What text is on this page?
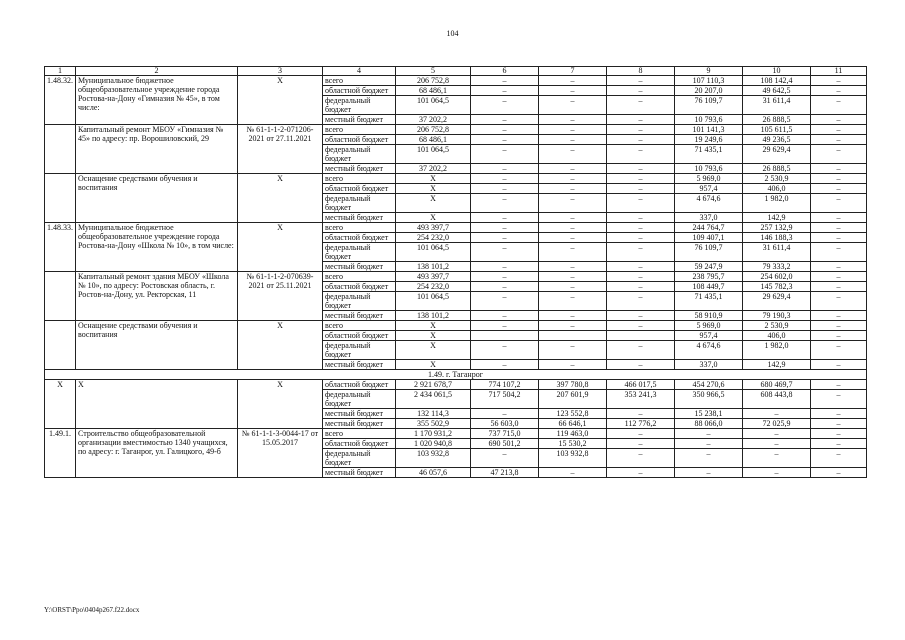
104
1	2	3	4	5	6	7	8	9	10	11
1.48.32.	Муниципальное бюджетное общеобразовательное учреждение города Ростова-на-Дону «Гимназия № 45», в том числе:	Х	всего	206 752,8	–	–	–	107 110,3	108 142,4	–
			областной бюджет	68 486,1	–	–	–	20 207,0	49 642,5	–
			федеральный бюджет	101 064,5	–	–	–	76 109,7	31 611,4	–
			местный бюджет	37 202,2	–	–	–	10 793,6	26 888,5	–
	Капитальный ремонт МБОУ «Гимназия № 45» по адресу: пр. Ворошиловский, 29	№ 61-1-1-2-071206-2021 от 27.11.2021	всего	206 752,8	–	–	–	101 141,3	105 611,5	–
			областной бюджет	68 486,1	–	–	–	19 249,6	49 236,5	–
			федеральный бюджет	101 064,5	–	–	–	71 435,1	29 629,4	–
			местный бюджет	37 202,2	–	–	–	10 793,6	26 888,5	–
	Оснащение средствами обучения и воспитания	Х	всего	Х	–	–	–	5 969,0	2 530,9	–
			областной бюджет	Х	–	–	–	957,4	406,0	–
			федеральный бюджет	Х	–	–	–	4 674,6	1 982,0	–
			местный бюджет	Х	–	–	–	337,0	142,9	–
1.48.33.	Муниципальное бюджетное общеобразовательное учреждение города Ростова-на-Дону «Школа № 10», в том числе:	Х	всего	493 397,7	–	–	–	244 764,7	257 132,9	–
			областной бюджет	254 232,0	–	–	–	109 407,1	146 188,3	–
			федеральный бюджет	101 064,5	–	–	–	76 109,7	31 611,4	–
			местный бюджет	138 101,2	–	–	–	59 247,9	79 333,2	–
	Капитальный ремонт здания МБОУ «Школа № 10», по адресу: Ростовская область, г. Ростов-на-Дону, ул. Ректорская, 11	№ 61-1-1-2-070639-2021 от 25.11.2021	всего	493 397,7	–	–	–	238 795,7	254 602,0	–
			областной бюджет	254 232,0	–	–	–	108 449,7	145 782,3	–
			федеральный бюджет	101 064,5	–	–	–	71 435,1	29 629,4	–
			местный бюджет	138 101,2	–	–	–	58 910,9	79 190,3	–
	Оснащение средствами обучения и воспитания	Х	всего	Х	–	–	–	5 969,0	2 530,9	–
			областной бюджет	Х				957,4	406,0	–
			федеральный бюджет	Х	–	–	–	4 674,6	1 982,0	–
			местный бюджет	Х	–	–	–	337,0	142,9	–
1.49. г. Таганрог										
Х	Х	Х	областной бюджет	2 921 678,7	774 107,2	397 780,8	466 017,5	454 270,6	680 469,7	–
			федеральный бюджет	2 434 061,5	717 504,2	207 601,9	353 241,3	350 966,5	608 443,8	–
			местный бюджет	132 114,3	–	123 552,8	–	15 238,1	–	–
			местный бюджет	355 502,9	56 603,0	66 646,1	112 776,2	88 066,0	72 025,9	–
1.49.1.	Строительство общеобразовательной организации вместимостью 1340 учащихся, по адресу: г. Таганрог, ул. Галицкого, 49-б	№ 61-1-1-3-0044-17 от 15.05.2017	всего	1 170 931,2	737 715,0	119 463,0	–	–	–	–
			областной бюджет	1 020 940,8	690 501,2	15 530,2	–	–	–	–
			федеральный бюджет	103 932,8	–	103 932,8	–	–	–	–
			местный бюджет	46 057,6	47 213,8	–	–	–	–	–
Y:\ORST\Ppo\0404p267.f22.docx
